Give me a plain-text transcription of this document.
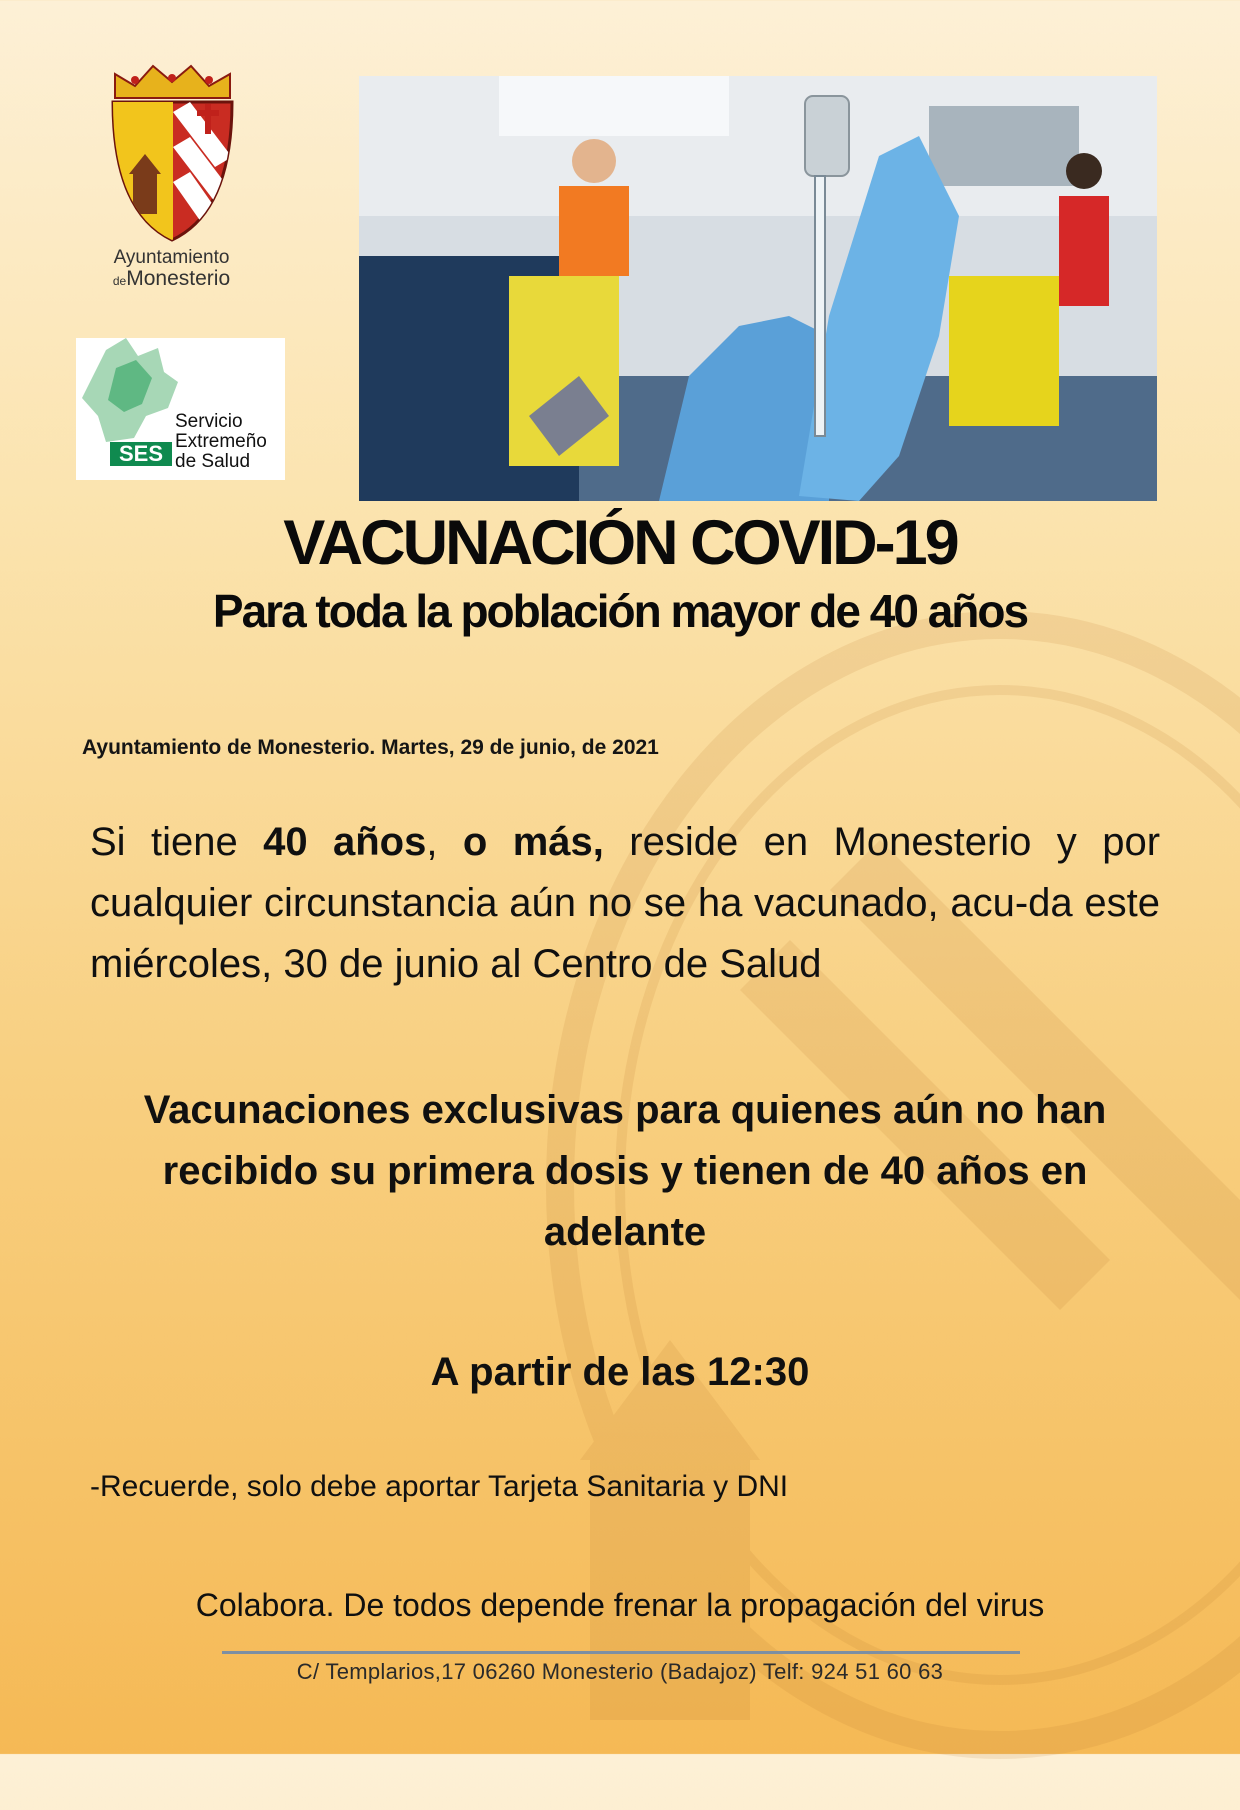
Ayuntamiento
deMonesterio
SES
Servicio
Extremeño
de Salud
VACUNACIÓN COVID-19
Para toda la población mayor de 40 años
Ayuntamiento de Monesterio. Martes, 29 de junio, de 2021
Si tiene 40 años, o más, reside en Monesterio y por cualquier circunstancia aún no se ha vacunado, acu-da este miércoles, 30 de junio al Centro de Salud
Vacunaciones exclusivas para quienes aún no han recibido su primera dosis y tienen de 40 años en adelante
A partir de las 12:30
-Recuerde, solo debe aportar Tarjeta Sanitaria y DNI
Colabora. De todos depende frenar la propagación del virus
C/ Templarios,17 06260 Monesterio (Badajoz) Telf: 924 51 60 63
